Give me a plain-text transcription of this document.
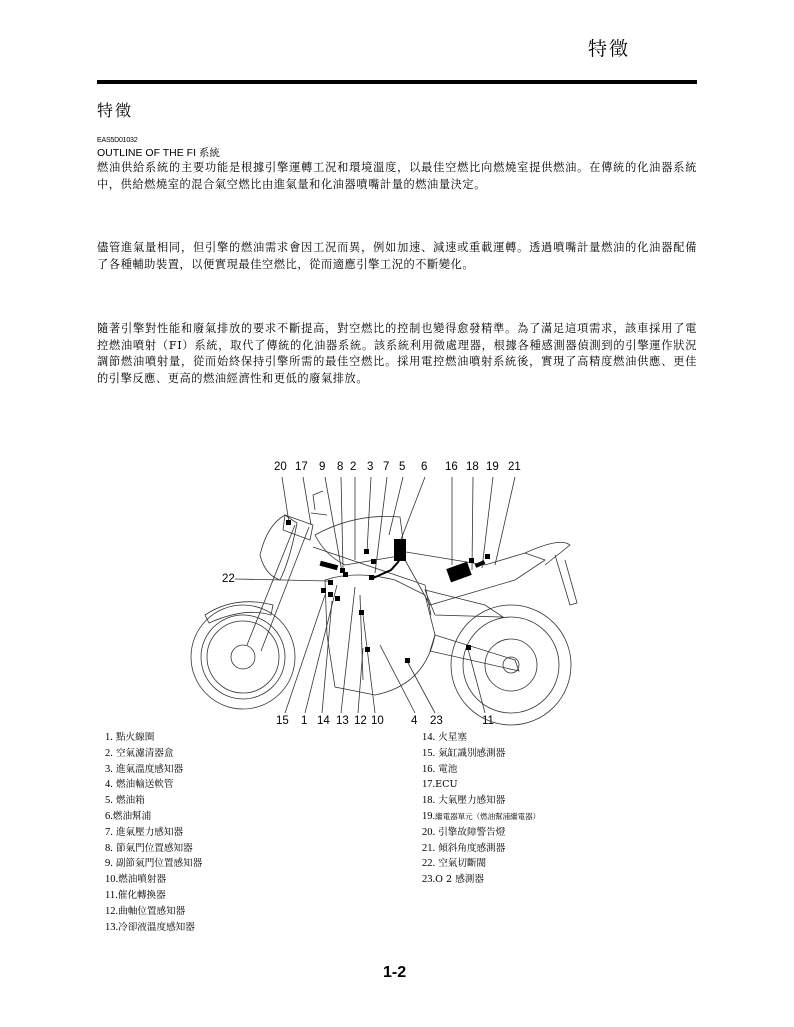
特徵
特徵
EAS5D01032
OUTLINE OF THE FI 系統
燃油供給系統的主要功能是根據引擎運轉工況和環境溫度，以最佳空燃比向燃燒室提供燃油。在傳統的化油器系統中，供給燃燒室的混合氣空燃比由進氣量和化油器噴嘴計量的燃油量決定。
儘管進氣量相同，但引擎的燃油需求會因工況而異，例如加速、減速或重載運轉。透過噴嘴計量燃油的化油器配備了各種輔助裝置，以便實現最佳空燃比，從而適應引擎工況的不斷變化。
隨著引擎對性能和廢氣排放的要求不斷提高，對空燃比的控制也變得愈發精準。為了滿足這項需求，該車採用了電控燃油噴射（FI）系統，取代了傳統的化油器系統。該系統利用微處理器，根據各種感測器偵測到的引擎運作狀況調節燃油噴射量，從而始終保持引擎所需的最佳空燃比。採用電控燃油噴射系統後，實現了高精度燃油供應、更佳的引擎反應、更高的燃油經濟性和更低的廢氣排放。
20 17 9 8 2 3 7 5 6 16 18 19 21
22
15 1 14 13 12 10 4 23	11
1. 點火線圈
2. 空氣濾清器盒
3. 進氣溫度感知器
4. 燃油輸送軟管
5. 燃油箱
6.燃油幫浦
7. 進氣壓力感知器
8. 節氣門位置感知器
9. 副節氣門位置感知器
10.燃油噴射器
11.催化轉換器
12.曲軸位置感知器
13.冷卻液溫度感知器
14. 火星塞
15. 氣缸識別感測器
16. 電池
17.ECU
18. 大氣壓力感知器
19.繼電器單元（燃油幫浦繼電器）
20. 引擎故障警告燈
21. 傾斜角度感測器
22. 空氣切斷閥
23.O 2 感測器
1-2
